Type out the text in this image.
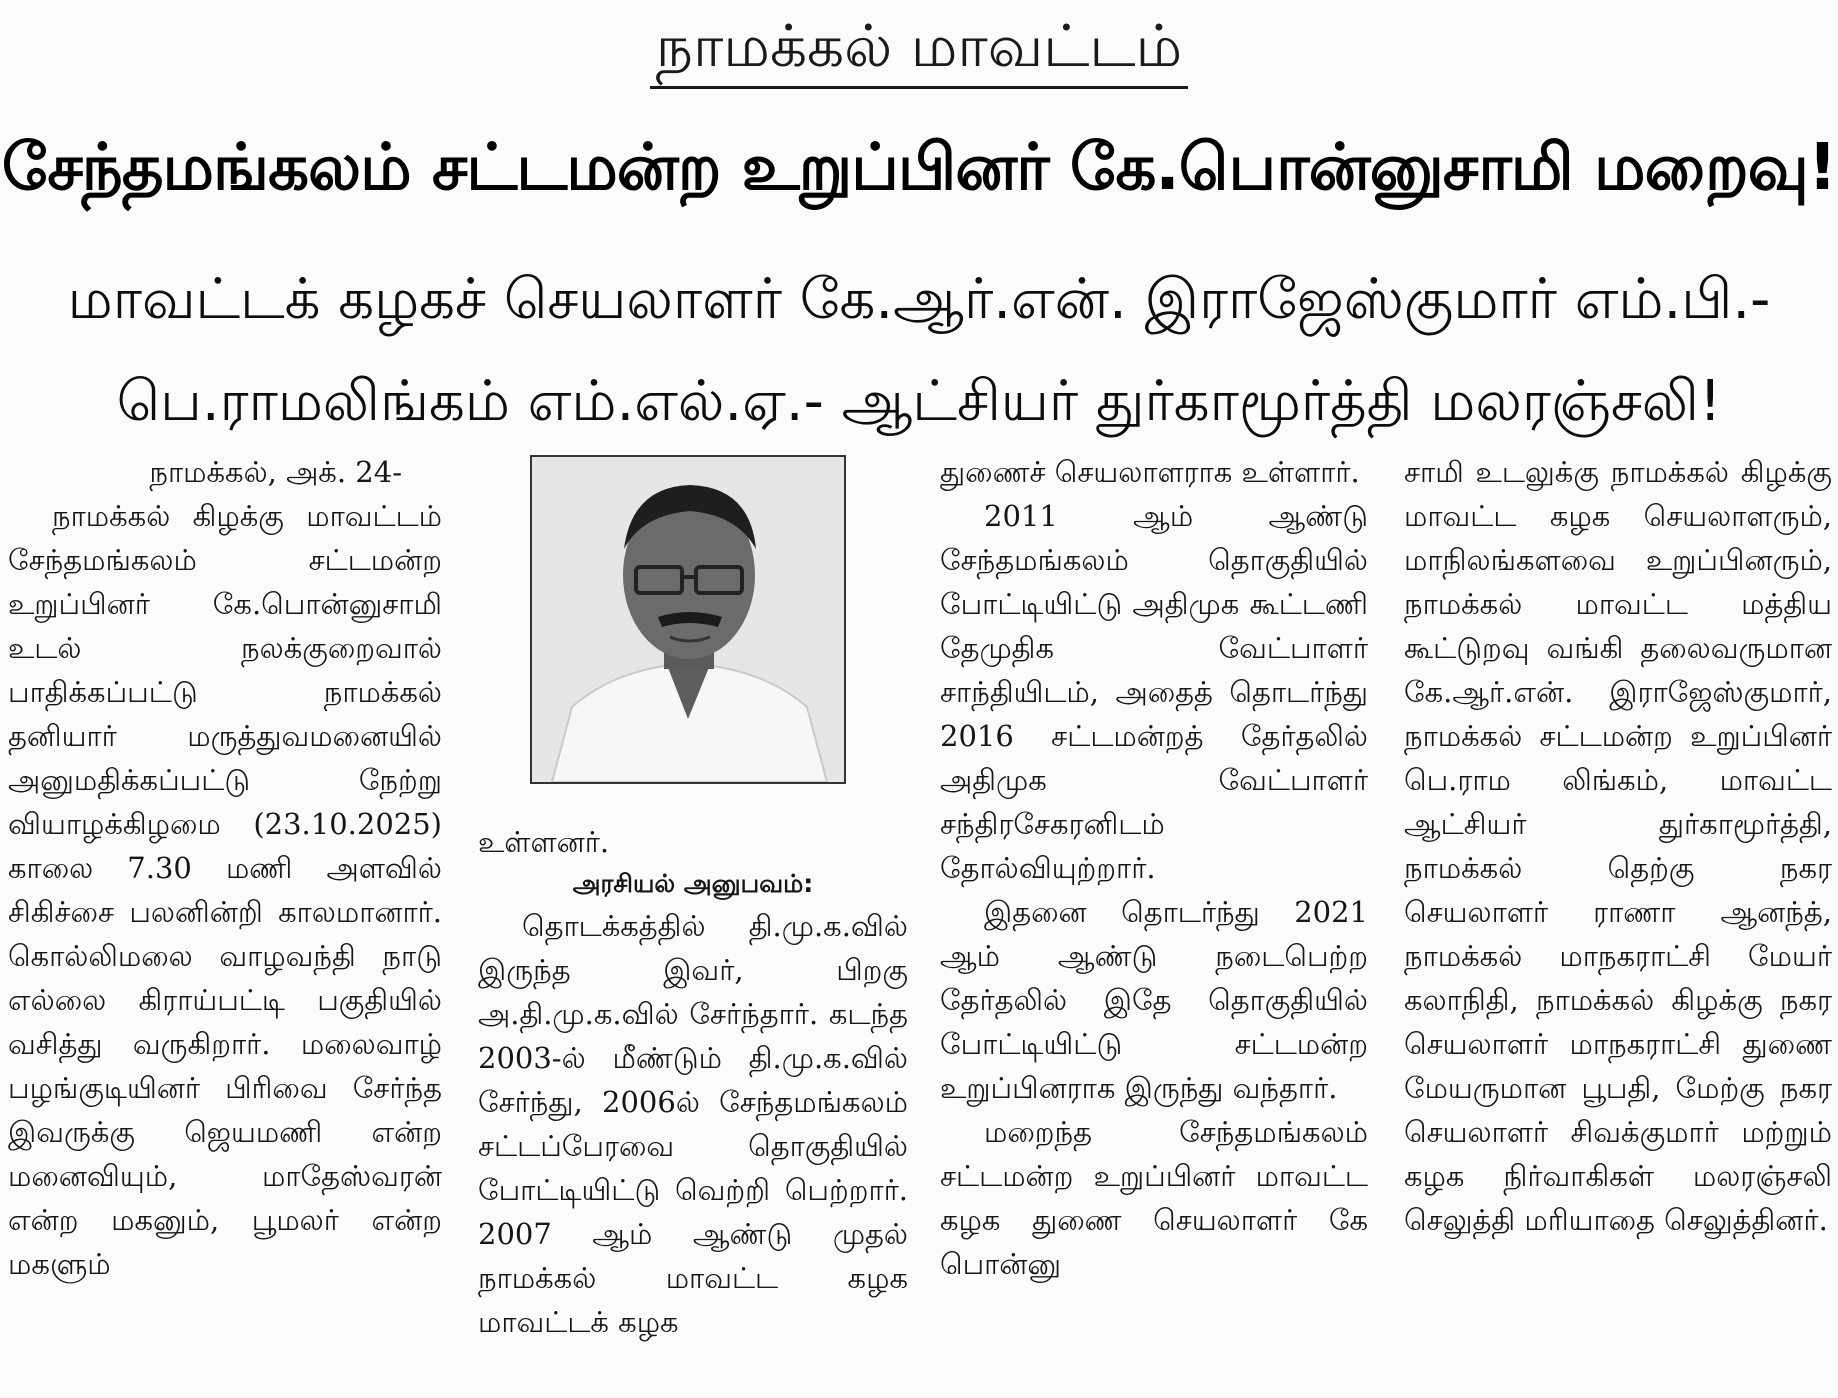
நாமக்கல் மாவட்டம்
சேந்தமங்கலம் சட்டமன்ற உறுப்பினர் கே.பொன்னுசாமி மறைவு!
மாவட்டக் கழகச் செயலாளர் கே.ஆர்.என். இராஜேஸ்குமார் எம்.பி.-
பெ.ராமலிங்கம் எம்.எல்.ஏ.- ஆட்சியர் துர்காமூர்த்தி மலரஞ்சலி!

நாமக்கல், அக். 24-

நாமக்கல் கிழக்கு மாவட்டம் சேந்தமங்கலம் சட்டமன்ற உறுப்பினர் கே.பொன்னுசாமி உடல் நலக்குறைவால் பாதிக்கப்பட்டு நாமக்கல் தனியார் மருத்துவமனையில் அனுமதிக்கப்பட்டு நேற்று வியாழக்கிழமை (23.10.2025) காலை 7.30 மணி அளவில் சிகிச்சை பலனின்றி காலமானார். கொல்லிமலை வாழவந்தி நாடு எல்லை கிராய்பட்டி பகுதியில் வசித்து வருகிறார். மலைவாழ் பழங்குடியினர் பிரிவை சேர்ந்த இவருக்கு ஜெயமணி என்ற மனைவியும், மாதேஸ்வரன் என்ற மகனும், பூமலர் என்ற மகளும்

உள்ளனர்.

அரசியல் அனுபவம்:

தொடக்கத்தில் தி.மு.க.வில் இருந்த இவர், பிறகு அ.தி.மு.க.வில் சேர்ந்தார். கடந்த 2003-ல் மீண்டும் தி.மு.க.வில் சேர்ந்து, 2006ல் சேந்தமங்கலம் சட்டப்பேரவை தொகுதியில் போட்டியிட்டு வெற்றி பெற்றார். 2007 ஆம் ஆண்டு முதல் நாமக்கல் மாவட்ட கழக மாவட்டக் கழக

துணைச் செயலாளராக உள்ளார்.

2011 ஆம் ஆண்டு சேந்தமங்கலம் தொகுதியில் போட்டியிட்டு அதிமுக கூட்டணி தேமுதிக வேட்பாளர் சாந்தியிடம், அதைத் தொடர்ந்து 2016 சட்டமன்றத் தேர்தலில் அதிமுக வேட்பாளர் சந்திரசேகரனிடம் தோல்வியுற்றார்.

இதனை தொடர்ந்து 2021 ஆம் ஆண்டு நடைபெற்ற தேர்தலில் இதே தொகுதியில் போட்டியிட்டு சட்டமன்ற உறுப்பினராக இருந்து வந்தார்.

மறைந்த சேந்தமங்கலம் சட்டமன்ற உறுப்பினர் மாவட்ட கழக துணை செயலாளர் கே பொன்னு

சாமி உடலுக்கு நாமக்கல் கிழக்கு மாவட்ட கழக செயலாளரும், மாநிலங்களவை உறுப்பினரும், நாமக்கல் மாவட்ட மத்திய கூட்டுறவு வங்கி தலைவருமான கே.ஆர்.என். இராஜேஸ்குமார், நாமக்கல் சட்டமன்ற உறுப்பினர் பெ.ராம லிங்கம், மாவட்ட ஆட்சியர் துர்காமூர்த்தி, நாமக்கல் தெற்கு நகர செயலாளர் ராணா ஆனந்த், நாமக்கல் மாநகராட்சி மேயர் கலாநிதி, நாமக்கல் கிழக்கு நகர செயலாளர் மாநகராட்சி துணை மேயருமான பூபதி, மேற்கு நகர செயலாளர் சிவக்குமார் மற்றும் கழக நிர்வாகிகள் மலரஞ்சலி செலுத்தி மரியாதை செலுத்தினர்.
